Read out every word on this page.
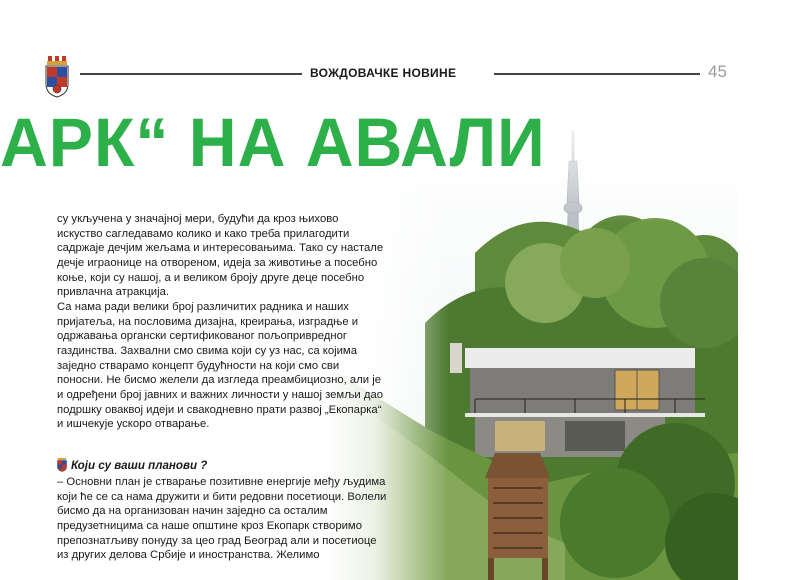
ВОЖДОВАЧКЕ НОВИНЕ	45
АРК“ НА АВАЛИ

су укључена у значајној мери, будући да кроз њихово искуство сагледавамо колико и како треба прилагодити садржаје дечјим жељама и интересовањима. Тако су настале дечје играонице на отвореном, идеја за животиње а посебно коње, који су нашој, а и великом броју друге деце посебно привлачна атракција.

Са нама ради велики број различитих радника и наших пријатеља, на пословима дизајна, креирања, изградње и одржавања органски сертификованог пољопривредног газдинства. Захвални смо свима који су уз нас, са којима заједно стварамо концепт будућности на који смо сви поносни. Не бисмо желели да изгледа преамбициозно, али је и одређени број јавних и важних личности у нашој земљи дао подршку оваквој идеји и свакодневно прати развој „Екопарка“ и ишчекује ускоро отварање.

Који су ваши планови ?
– Основни план је стварање позитивне енергије међу људима који ће се са нама дружити и бити редовни посетиоци. Волели бисмо да на организован начин заједно са осталим предузетницима са наше општине кроз Екопарк створимо препознатљиву понуду за цео град Београд али и посетиоце из других делова Србије и иностранства. Желимо
